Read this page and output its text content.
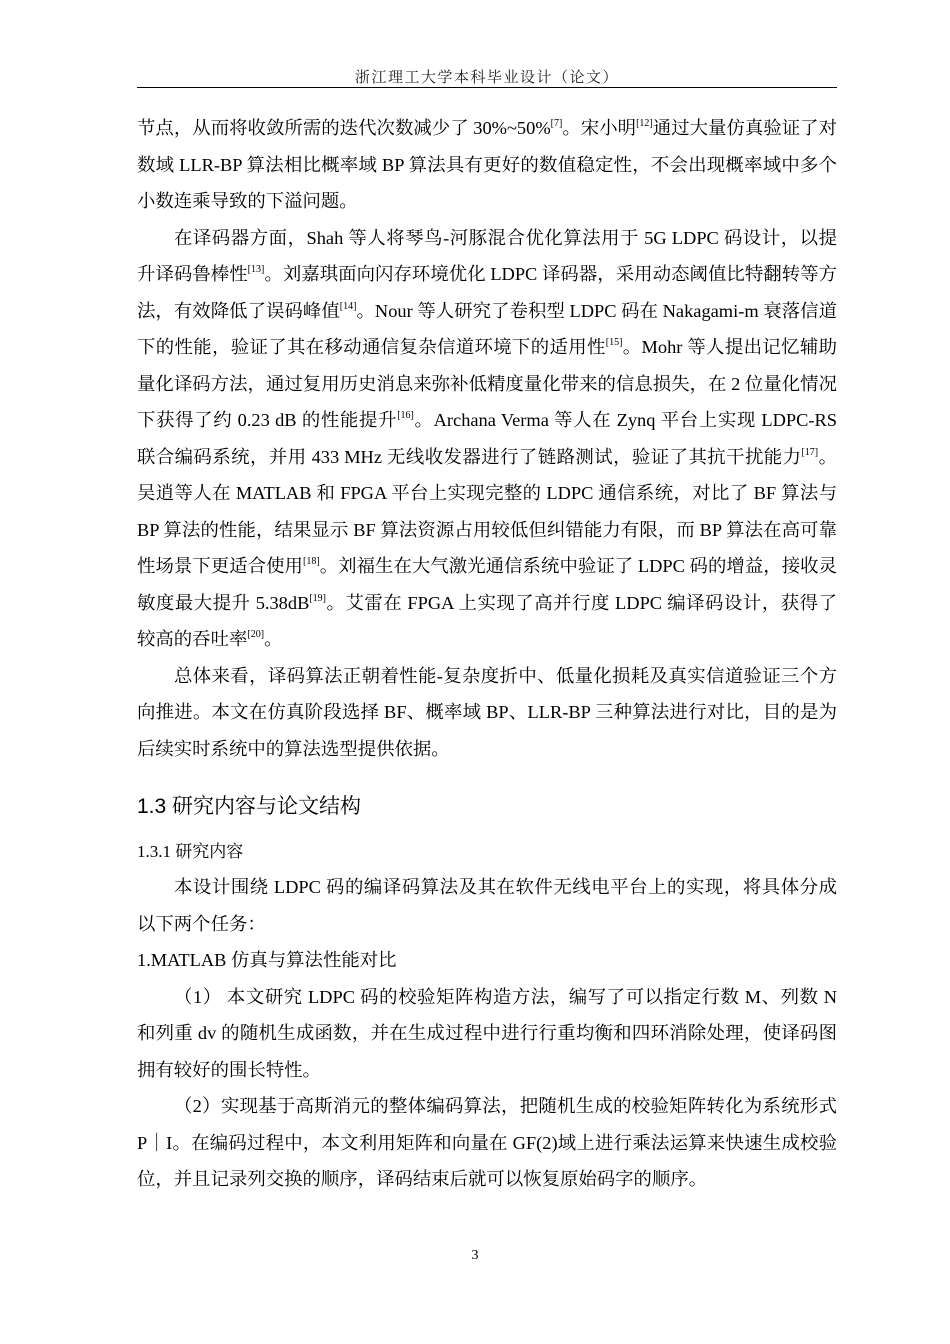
浙江理工大学本科毕业设计（论文）

节点，从而将收敛所需的迭代次数减少了 30%~50%[7]。宋小明[12]通过大量仿真验证了对数域 LLR-BP 算法相比概率域 BP 算法具有更好的数值稳定性，不会出现概率域中多个小数连乘导致的下溢问题。

在译码器方面，Shah 等人将琴鸟-河豚混合优化算法用于 5G LDPC 码设计，以提升译码鲁棒性[13]。刘嘉琪面向闪存环境优化 LDPC 译码器，采用动态阈值比特翻转等方法，有效降低了误码峰值[14]。Nour 等人研究了卷积型 LDPC 码在 Nakagami-m 衰落信道下的性能，验证了其在移动通信复杂信道环境下的适用性[15]。Mohr 等人提出记忆辅助量化译码方法，通过复用历史消息来弥补低精度量化带来的信息损失，在 2 位量化情况下获得了约 0.23 dB 的性能提升[16]。Archana Verma 等人在 Zynq 平台上实现 LDPC-RS 联合编码系统，并用 433 MHz 无线收发器进行了链路测试，验证了其抗干扰能力[17]。吴逍等人在 MATLAB 和 FPGA 平台上实现完整的 LDPC 通信系统，对比了 BF 算法与 BP 算法的性能，结果显示 BF 算法资源占用较低但纠错能力有限，而 BP 算法在高可靠性场景下更适合使用[18]。刘福生在大气激光通信系统中验证了 LDPC 码的增益，接收灵敏度最大提升 5.38dB[19]。艾雷在 FPGA 上实现了高并行度 LDPC 编译码设计，获得了较高的吞吐率[20]。

总体来看，译码算法正朝着性能-复杂度折中、低量化损耗及真实信道验证三个方向推进。本文在仿真阶段选择 BF、概率域 BP、LLR-BP 三种算法进行对比，目的是为后续实时系统中的算法选型提供依据。

1.3 研究内容与论文结构

1.3.1 研究内容

本设计围绕 LDPC 码的编译码算法及其在软件无线电平台上的实现，将具体分成以下两个任务：

1.MATLAB 仿真与算法性能对比

（1） 本文研究 LDPC 码的校验矩阵构造方法，编写了可以指定行数 M、列数 N 和列重 dv 的随机生成函数，并在生成过程中进行行重均衡和四环消除处理，使译码图拥有较好的围长特性。

（2）实现基于高斯消元的整体编码算法，把随机生成的校验矩阵转化为系统形式 P｜I。在编码过程中，本文利用矩阵和向量在 GF(2)域上进行乘法运算来快速生成校验位，并且记录列交换的顺序，译码结束后就可以恢复原始码字的顺序。

3
